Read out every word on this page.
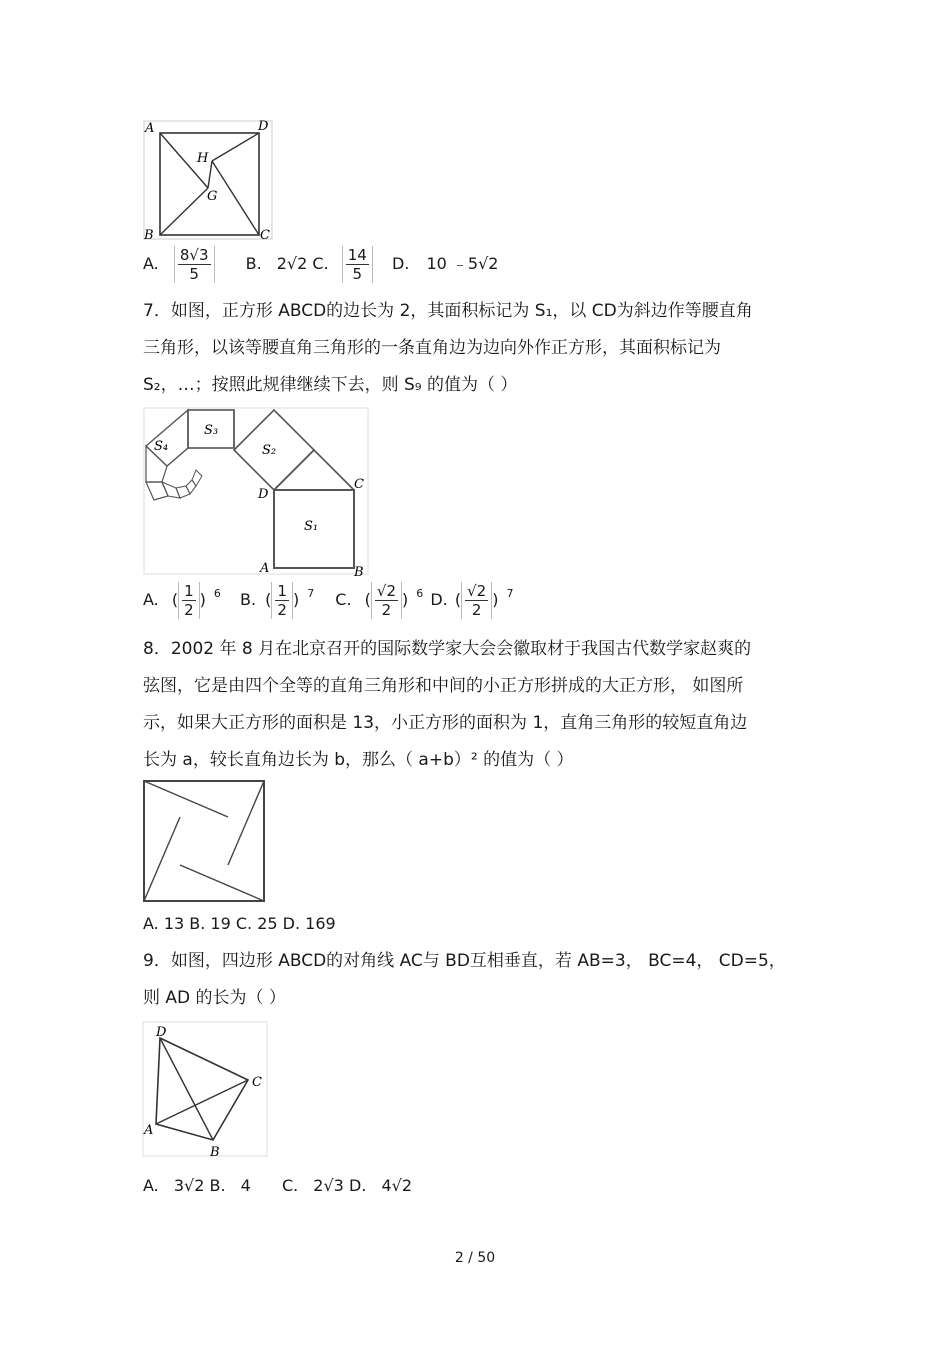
A	D
H
G
B	C
A. $\frac{8√3}{5} B$. 2√2 C. $\frac{14}{5} D$. 10 ﹣5√2
7．如图，正方形 ABCD的边长为 2，其面积标记为 S₁，以 CD为斜边作等腰直角
三角形，以该等腰直角三角形的一条直角边为边向外作正方形，其面积标记为
S₂，…；按照此规律继续下去，则 S₉ 的值为（ ）
S₃
S₄	S₂
S₁
D
C
A	B
A. ( $\frac{1}{2}$ ) $^6$ B. ( $\frac{1}{2}$ ) $^7$ C. ( $\frac{√2}{2}$ ) $^6$ D. ( $\frac{√2}{2}$ ) $^7$
8．2002 年 8 月在北京召开的国际数学家大会会徽取材于我国古代数学家赵爽的
弦图，它是由四个全等的直角三角形和中间的小正方形拼成的大正方形， 如图所
示，如果大正方形的面积是 13，小正方形的面积为 1，直角三角形的较短直角边
长为 a，较长直角边长为 b，那么（ a+b）² 的值为（ ）
A. 13 B. 19 C. 25 D. 169
9．如图，四边形 ABCD的对角线 AC与 BD互相垂直，若 AB=3， BC=4， CD=5，
则 AD 的长为（ ）
D
C
A
B
A. 3√2 B. 4 C. 2√3 D. 4√2
2 / 50
